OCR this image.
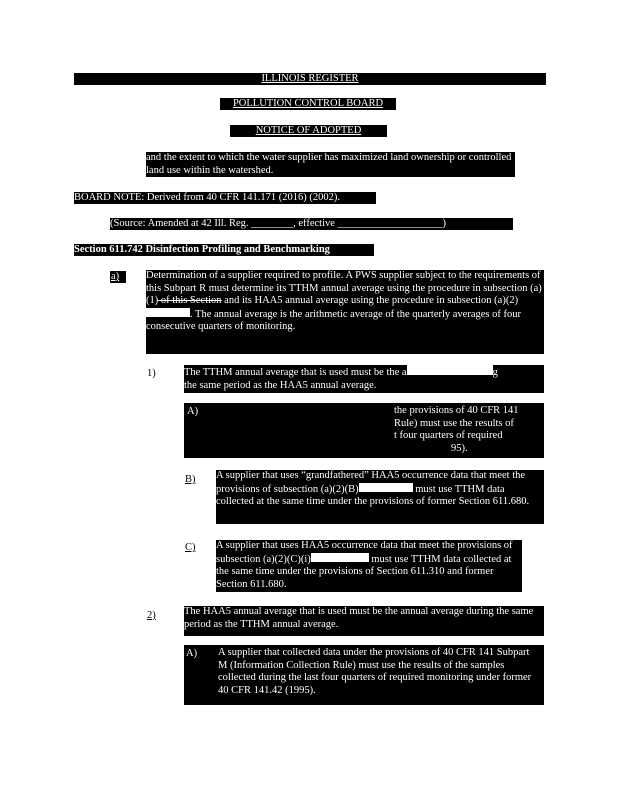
ILLINOIS REGISTER
POLLUTION CONTROL BOARD
NOTICE OF ADOPTED AMENDMENTS

and the extent to which the water supplier has maximized land ownership or controlled land use within the watershed.

BOARD NOTE: Derived from 40 CFR 141.171 (2016) (2002).
(Source: Amended at 42 Ill. Reg. ________, effective ____________________)
Section 611.742 Disinfection Profiling and Benchmarking
a)	Determination of a supplier required to profile. A PWS supplier subject to the requirements of this Subpart R must determine its TTHM annual average using the procedure in subsection (a)(1) of this Section and its HAA5 annual average using the procedure in subsection (a)(2). The annual average is the arithmetic average of the quarterly averages of four consecutive quarters of monitoring.

1)	The TTHM annual average that is used must be the a	g

the same period as the HAA5 annual average.

A)	the provisions of 40 CFR 141

Rule) must use the results of

t four quarters of required

95).

B)	A supplier that uses “grandfathered” HAA5 occurrence data that meet the provisions of subsection (a)(2)(B)	must use TTHM data collected at the same time under the provisions of former Section 611.680.

C)	A supplier that uses HAA5 occurrence data that meet the provisions of subsection (a)(2)(C)(i)	must use TTHM data collected at the same time under the provisions of Section 611.310 and former Section 611.680.

2)	The HAA5 annual average that is used must be the annual average during the same period as the TTHM annual average.

A) A supplier that collected data under the provisions of 40 CFR 141 Subpart M (Information Collection Rule) must use the results of the samples collected during the last four quarters of required monitoring under former 40 CFR 141.42 (1995).
